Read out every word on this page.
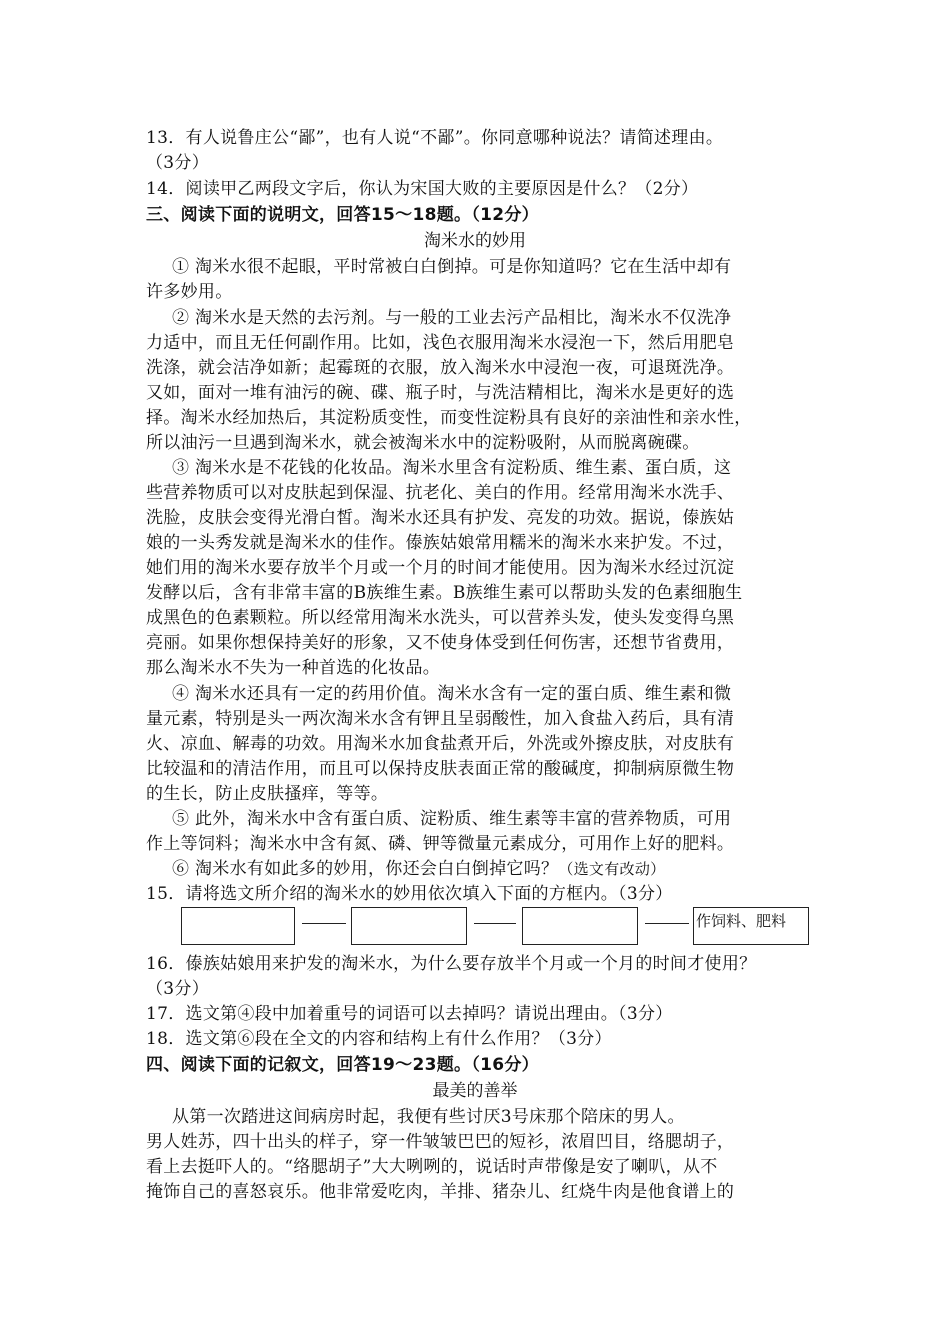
13．有人说鲁庄公“鄙”，也有人说“不鄙”。你同意哪种说法？请简述理由。
（3分）
14．阅读甲乙两段文字后，你认为宋国大败的主要原因是什么？（2分）
三、阅读下面的说明文，回答15～18题。（12分）
淘米水的妙用
① 淘米水很不起眼，平时常被白白倒掉。可是你知道吗？它在生活中却有
许多妙用。
② 淘米水是天然的去污剂。与一般的工业去污产品相比，淘米水不仅洗净
力适中，而且无任何副作用。比如，浅色衣服用淘米水浸泡一下，然后用肥皂
洗涤，就会洁净如新；起霉斑的衣服，放入淘米水中浸泡一夜，可退斑洗净。
又如，面对一堆有油污的碗、碟、瓶子时，与洗洁精相比，淘米水是更好的选
择。淘米水经加热后，其淀粉质变性，而变性淀粉具有良好的亲油性和亲水性，
所以油污一旦遇到淘米水，就会被淘米水中的淀粉吸附，从而脱离碗碟。
③ 淘米水是不花钱的化妆品。淘米水里含有淀粉质、维生素、蛋白质，这
些营养物质可以对皮肤起到保湿、抗老化、美白的作用。经常用淘米水洗手、
洗脸，皮肤会变得光滑白皙。淘米水还具有护发、亮发的功效。据说，傣族姑
娘的一头秀发就是淘米水的佳作。傣族姑娘常用糯米的淘米水来护发。不过，
她们用的淘米水要存放半个月或一个月的时间才能使用。因为淘米水经过沉淀
发酵以后，含有非常丰富的B族维生素。B族维生素可以帮助头发的色素细胞生
成黑色的色素颗粒。所以经常用淘米水洗头，可以营养头发，使头发变得乌黑
亮丽。如果你想保持美好的形象，又不使身体受到任何伤害，还想节省费用，
那么淘米水不失为一种首选的化妆品。
④ 淘米水还具有一定的药用价值。淘米水含有一定的蛋白质、维生素和微
量元素，特别是头一两次淘米水含有钾且呈弱酸性，加入食盐入药后，具有清
火、凉血、解毒的功效。用淘米水加食盐煮开后，外洗或外擦皮肤，对皮肤有
比较温和的清洁作用，而且可以保持皮肤表面正常的酸碱度，抑制病原微生物
的生长，防止皮肤搔痒，等等。
⑤ 此外，淘米水中含有蛋白质、淀粉质、维生素等丰富的营养物质，可用
作上等饲料；淘米水中含有氮、磷、钾等微量元素成分，可用作上好的肥料。
⑥ 淘米水有如此多的妙用，你还会白白倒掉它吗？（选文有改动）
15．请将选文所介绍的淘米水的妙用依次填入下面的方框内。（3分）
作饲料、肥料
16．傣族姑娘用来护发的淘米水，为什么要存放半个月或一个月的时间才使用？
（3分）
17．选文第④段中加着重号的词语可以去掉吗？请说出理由。（3分）
18．选文第⑥段在全文的内容和结构上有什么作用？（3分）
四、阅读下面的记叙文，回答19～23题。（16分）
最美的善举
从第一次踏进这间病房时起，我便有些讨厌3号床那个陪床的男人。
男人姓苏，四十出头的样子，穿一件皱皱巴巴的短衫，浓眉凹目，络腮胡子，
看上去挺吓人的。“络腮胡子”大大咧咧的，说话时声带像是安了喇叭，从不
掩饰自己的喜怒哀乐。他非常爱吃肉，羊排、猪杂儿、红烧牛肉是他食谱上的
